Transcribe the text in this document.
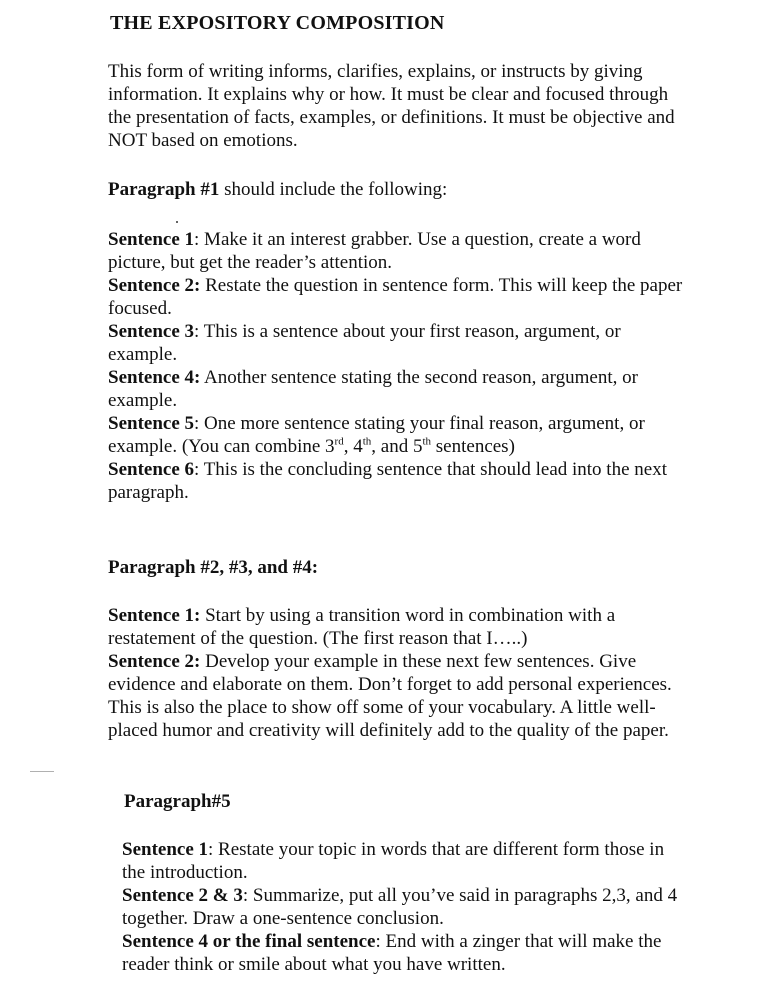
THE EXPOSITORY COMPOSITION

This form of writing informs, clarifies, explains, or instructs by giving information. It explains why or how. It must be clear and focused through the presentation of facts, examples, or definitions. It must be objective and NOT based on emotions.

Paragraph #1 should include the following:

Sentence 1: Make it an interest grabber. Use a question, create a word picture, but get the reader’s attention.
Sentence 2: Restate the question in sentence form. This will keep the paper focused.
Sentence 3: This is a sentence about your first reason, argument, or example.
Sentence 4: Another sentence stating the second reason, argument, or example.
Sentence 5: One more sentence stating your final reason, argument, or example. (You can combine 3rd, 4th, and 5th sentences)
Sentence 6: This is the concluding sentence that should lead into the next paragraph.

Paragraph #2, #3, and #4:

Sentence 1: Start by using a transition word in combination with a restatement of the question. (The first reason that I…..)
Sentence 2: Develop your example in these next few sentences. Give evidence and elaborate on them. Don’t forget to add personal experiences. This is also the place to show off some of your vocabulary. A little well-placed humor and creativity will definitely add to the quality of the paper.

Paragraph#5

Sentence 1: Restate your topic in words that are different form those in the introduction.
Sentence 2 & 3: Summarize, put all you’ve said in paragraphs 2,3, and 4 together. Draw a one-sentence conclusion.
Sentence 4 or the final sentence: End with a zinger that will make the reader think or smile about what you have written.
